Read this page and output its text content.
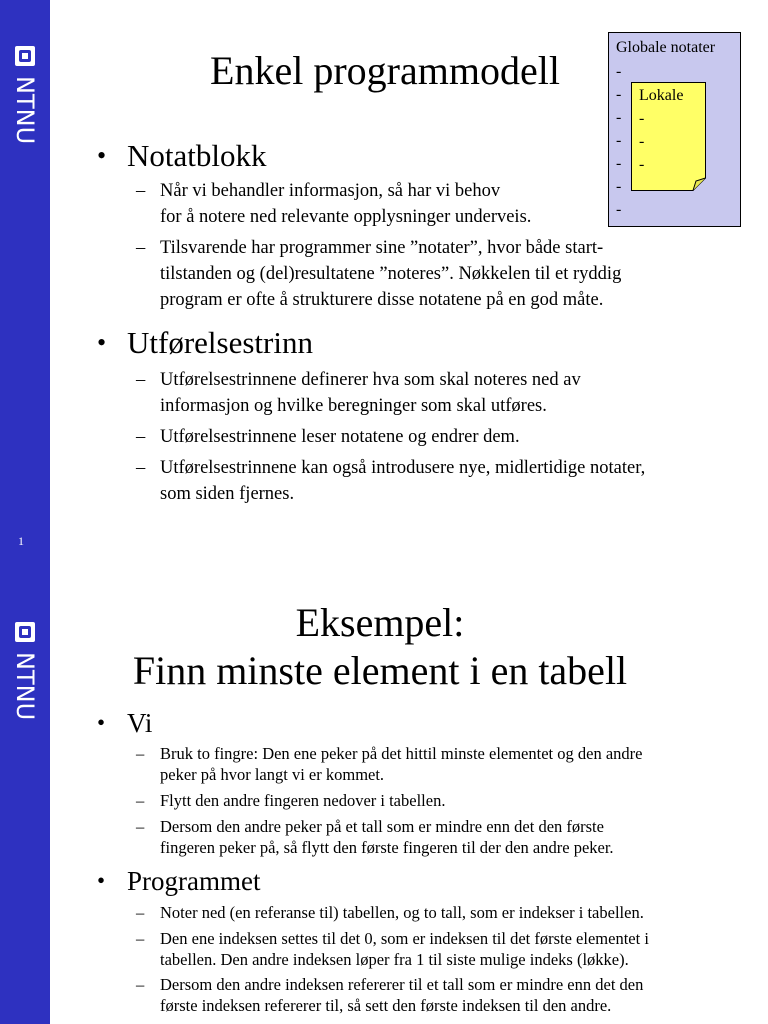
NTNU
1
Enkel programmodell
Globale notater
-
-
-
-
-
-
-
Lokale
-
-
-
• Notatblokk
– Når vi behandler informasjon, så har vi behov
for å notere ned relevante opplysninger underveis.
– Tilsvarende har programmer sine ”notater”, hvor både start-
tilstanden og (del)resultatene ”noteres”. Nøkkelen til et ryddig
program er ofte å strukturere disse notatene på en god måte.
• Utførelsestrinn
– Utførelsestrinnene definerer hva som skal noteres ned av
informasjon og hvilke beregninger som skal utføres.
– Utførelsestrinnene leser notatene og endrer dem.
– Utførelsestrinnene kan også introdusere nye, midlertidige notater,
som siden fjernes.
NTNU
Eksempel:
Finn minste element i en tabell
• Vi
– Bruk to fingre: Den ene peker på det hittil minste elementet og den andre
peker på hvor langt vi er kommet.
– Flytt den andre fingeren nedover i tabellen.
– Dersom den andre peker på et tall som er mindre enn det den første
fingeren peker på, så flytt den første fingeren til der den andre peker.
• Programmet
– Noter ned (en referanse til) tabellen, og to tall, som er indekser i tabellen.
– Den ene indeksen settes til det 0, som er indeksen til det første elementet i
tabellen. Den andre indeksen løper fra 1 til siste mulige indeks (løkke).
– Dersom den andre indeksen refererer til et tall som er mindre enn det den
første indeksen refererer til, så sett den første indeksen til den andre.
